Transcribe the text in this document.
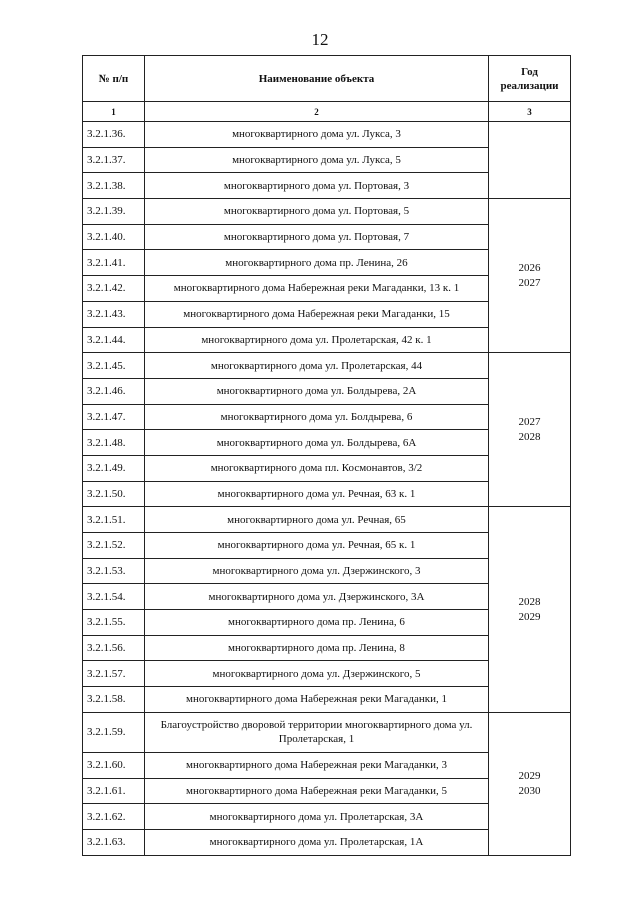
12
№ п/п	Наименование объекта	Год реализации
1	2	3
3.2.1.36.	многоквартирного дома ул. Лукса, 3	
3.2.1.37.	многоквартирного дома ул. Лукса, 5	
3.2.1.38.	многоквартирного дома ул. Портовая, 3	
3.2.1.39.	многоквартирного дома ул. Портовая, 5	2026
2027
3.2.1.40.	многоквартирного дома ул. Портовая, 7	
3.2.1.41.	многоквартирного дома пр. Ленина, 26	
3.2.1.42.	многоквартирного дома Набережная реки Магаданки, 13 к. 1	
3.2.1.43.	многоквартирного дома Набережная реки Магаданки, 15	
3.2.1.44.	многоквартирного дома ул. Пролетарская, 42 к. 1	
3.2.1.45.	многоквартирного дома ул. Пролетарская, 44	2027
2028
3.2.1.46.	многоквартирного дома ул. Болдырева, 2А	
3.2.1.47.	многоквартирного дома ул. Болдырева, 6	
3.2.1.48.	многоквартирного дома ул. Болдырева, 6А	
3.2.1.49.	многоквартирного дома пл. Космонавтов, 3/2	
3.2.1.50.	многоквартирного дома ул. Речная, 63 к. 1	
3.2.1.51.	многоквартирного дома ул. Речная, 65	2028
2029
3.2.1.52.	многоквартирного дома ул. Речная, 65 к. 1	
3.2.1.53.	многоквартирного дома ул. Дзержинского, 3	
3.2.1.54.	многоквартирного дома ул. Дзержинского, 3А	
3.2.1.55.	многоквартирного дома пр. Ленина, 6	
3.2.1.56.	многоквартирного дома пр. Ленина, 8	
3.2.1.57.	многоквартирного дома ул. Дзержинского, 5	
3.2.1.58.	многоквартирного дома Набережная реки Магаданки, 1	
3.2.1.59.	Благоустройство дворовой территории многоквартирного дома ул. Пролетарская, 1	2029
2030
3.2.1.60.	многоквартирного дома Набережная реки Магаданки, 3	
3.2.1.61.	многоквартирного дома Набережная реки Магаданки, 5	
3.2.1.62.	многоквартирного дома ул. Пролетарская, 3А	
3.2.1.63.	многоквартирного дома ул. Пролетарская, 1А	
